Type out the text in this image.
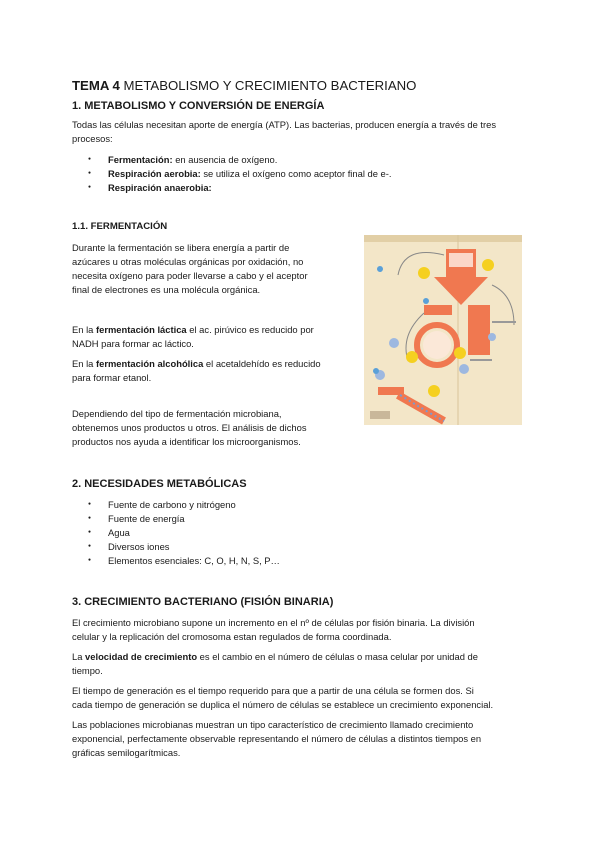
TEMA 4 METABOLISMO Y CRECIMIENTO BACTERIANO
1. METABOLISMO Y CONVERSIÓN DE ENERGÍA
Todas las células necesitan aporte de energía (ATP). Las bacterias, producen energía a través de tres
procesos:
Fermentación: en ausencia de oxígeno.
Respiración aerobia: se utiliza el oxígeno como aceptor final de e-.
Respiración anaerobia:
1.1. FERMENTACIÓN
Durante la fermentación se libera energía a partir de
azúcares u otras moléculas orgánicas por oxidación, no
necesita oxígeno para poder llevarse a cabo y el aceptor
final de electrones es una molécula orgánica.
En la fermentación láctica el ac. pirúvico es reducido por
NADH para formar ac láctico.
En la fermentación alcohólica el acetaldehído es reducido
para formar etanol.
Dependiendo del tipo de fermentación microbiana,
obtenemos unos productos u otros. El análisis de dichos
productos nos ayuda a identificar los microorganismos.
2. NECESIDADES METABÓLICAS
Fuente de carbono y nitrógeno
Fuente de energía
Agua
Diversos iones
Elementos esenciales: C, O, H, N, S, P…
3. CRECIMIENTO BACTERIANO (FISIÓN BINARIA)
El crecimiento microbiano supone un incremento en el nº de células por fisión binaria. La división
celular y la replicación del cromosoma estan regulados de forma coordinada.
La velocidad de crecimiento es el cambio en el número de células o masa celular por unidad de
tiempo.
El tiempo de generación es el tiempo requerido para que a partir de una célula se formen dos. Si
cada tiempo de generación se duplica el número de células se establece un crecimiento exponencial.
Las poblaciones microbianas muestran un tipo característico de crecimiento llamado crecimiento
exponencial, perfectamente observable representando el número de células a distintos tiempos en
gráficas semilogarítmicas.
